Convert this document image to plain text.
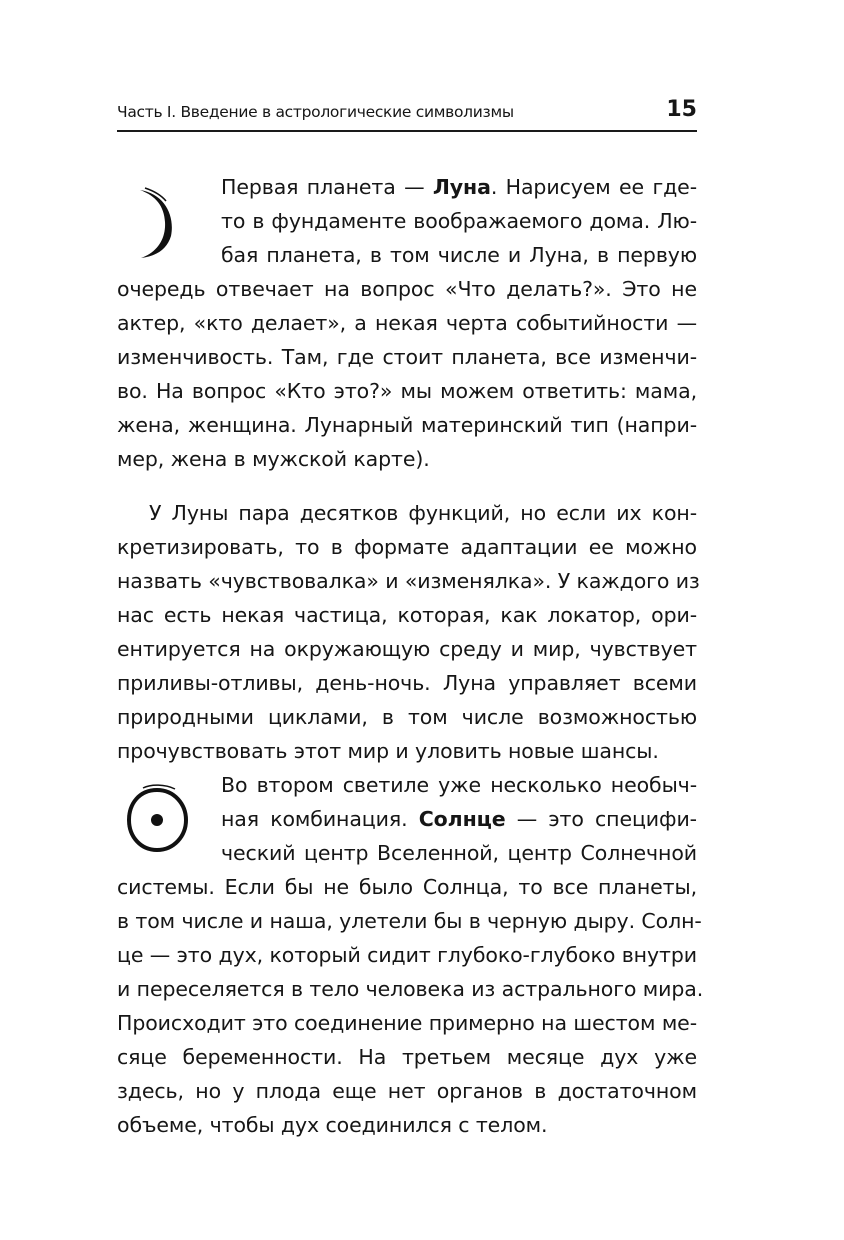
Часть I. Введение в астрологические символизмы	15
Первая планета — Луна. Нарисуем ее где-
то в фундаменте воображаемого дома. Лю-
бая планета, в том числе и Луна, в первую
очередь отвечает на вопрос «Что делать?». Это не
актер, «кто делает», а некая черта событийности —
изменчивость. Там, где стоит планета, все изменчи-
во. На вопрос «Кто это?» мы можем ответить: мама,
жена, женщина. Лунарный материнский тип (напри-
мер, жена в мужской карте).
У Луны пара десятков функций, но если их кон-
кретизировать, то в формате адаптации ее можно
назвать «чувствовалка» и «изменялка». У каждого из
нас есть некая частица, которая, как локатор, ори-
ентируется на окружающую среду и мир, чувствует
приливы-отливы, день-ночь. Луна управляет всеми
природными циклами, в том числе возможностью
прочувствовать этот мир и уловить новые шансы.
Во втором светиле уже несколько необыч-
ная комбинация. Солнце — это специфи-
ческий центр Вселенной, центр Солнечной
системы. Если бы не было Солнца, то все планеты,
в том числе и наша, улетели бы в черную дыру. Солн-
це — это дух, который сидит глубоко-глубоко внутри
и переселяется в тело человека из астрального мира.
Происходит это соединение примерно на шестом ме-
сяце беременности. На третьем месяце дух уже
здесь, но у плода еще нет органов в достаточном
объеме, чтобы дух соединился с телом.
